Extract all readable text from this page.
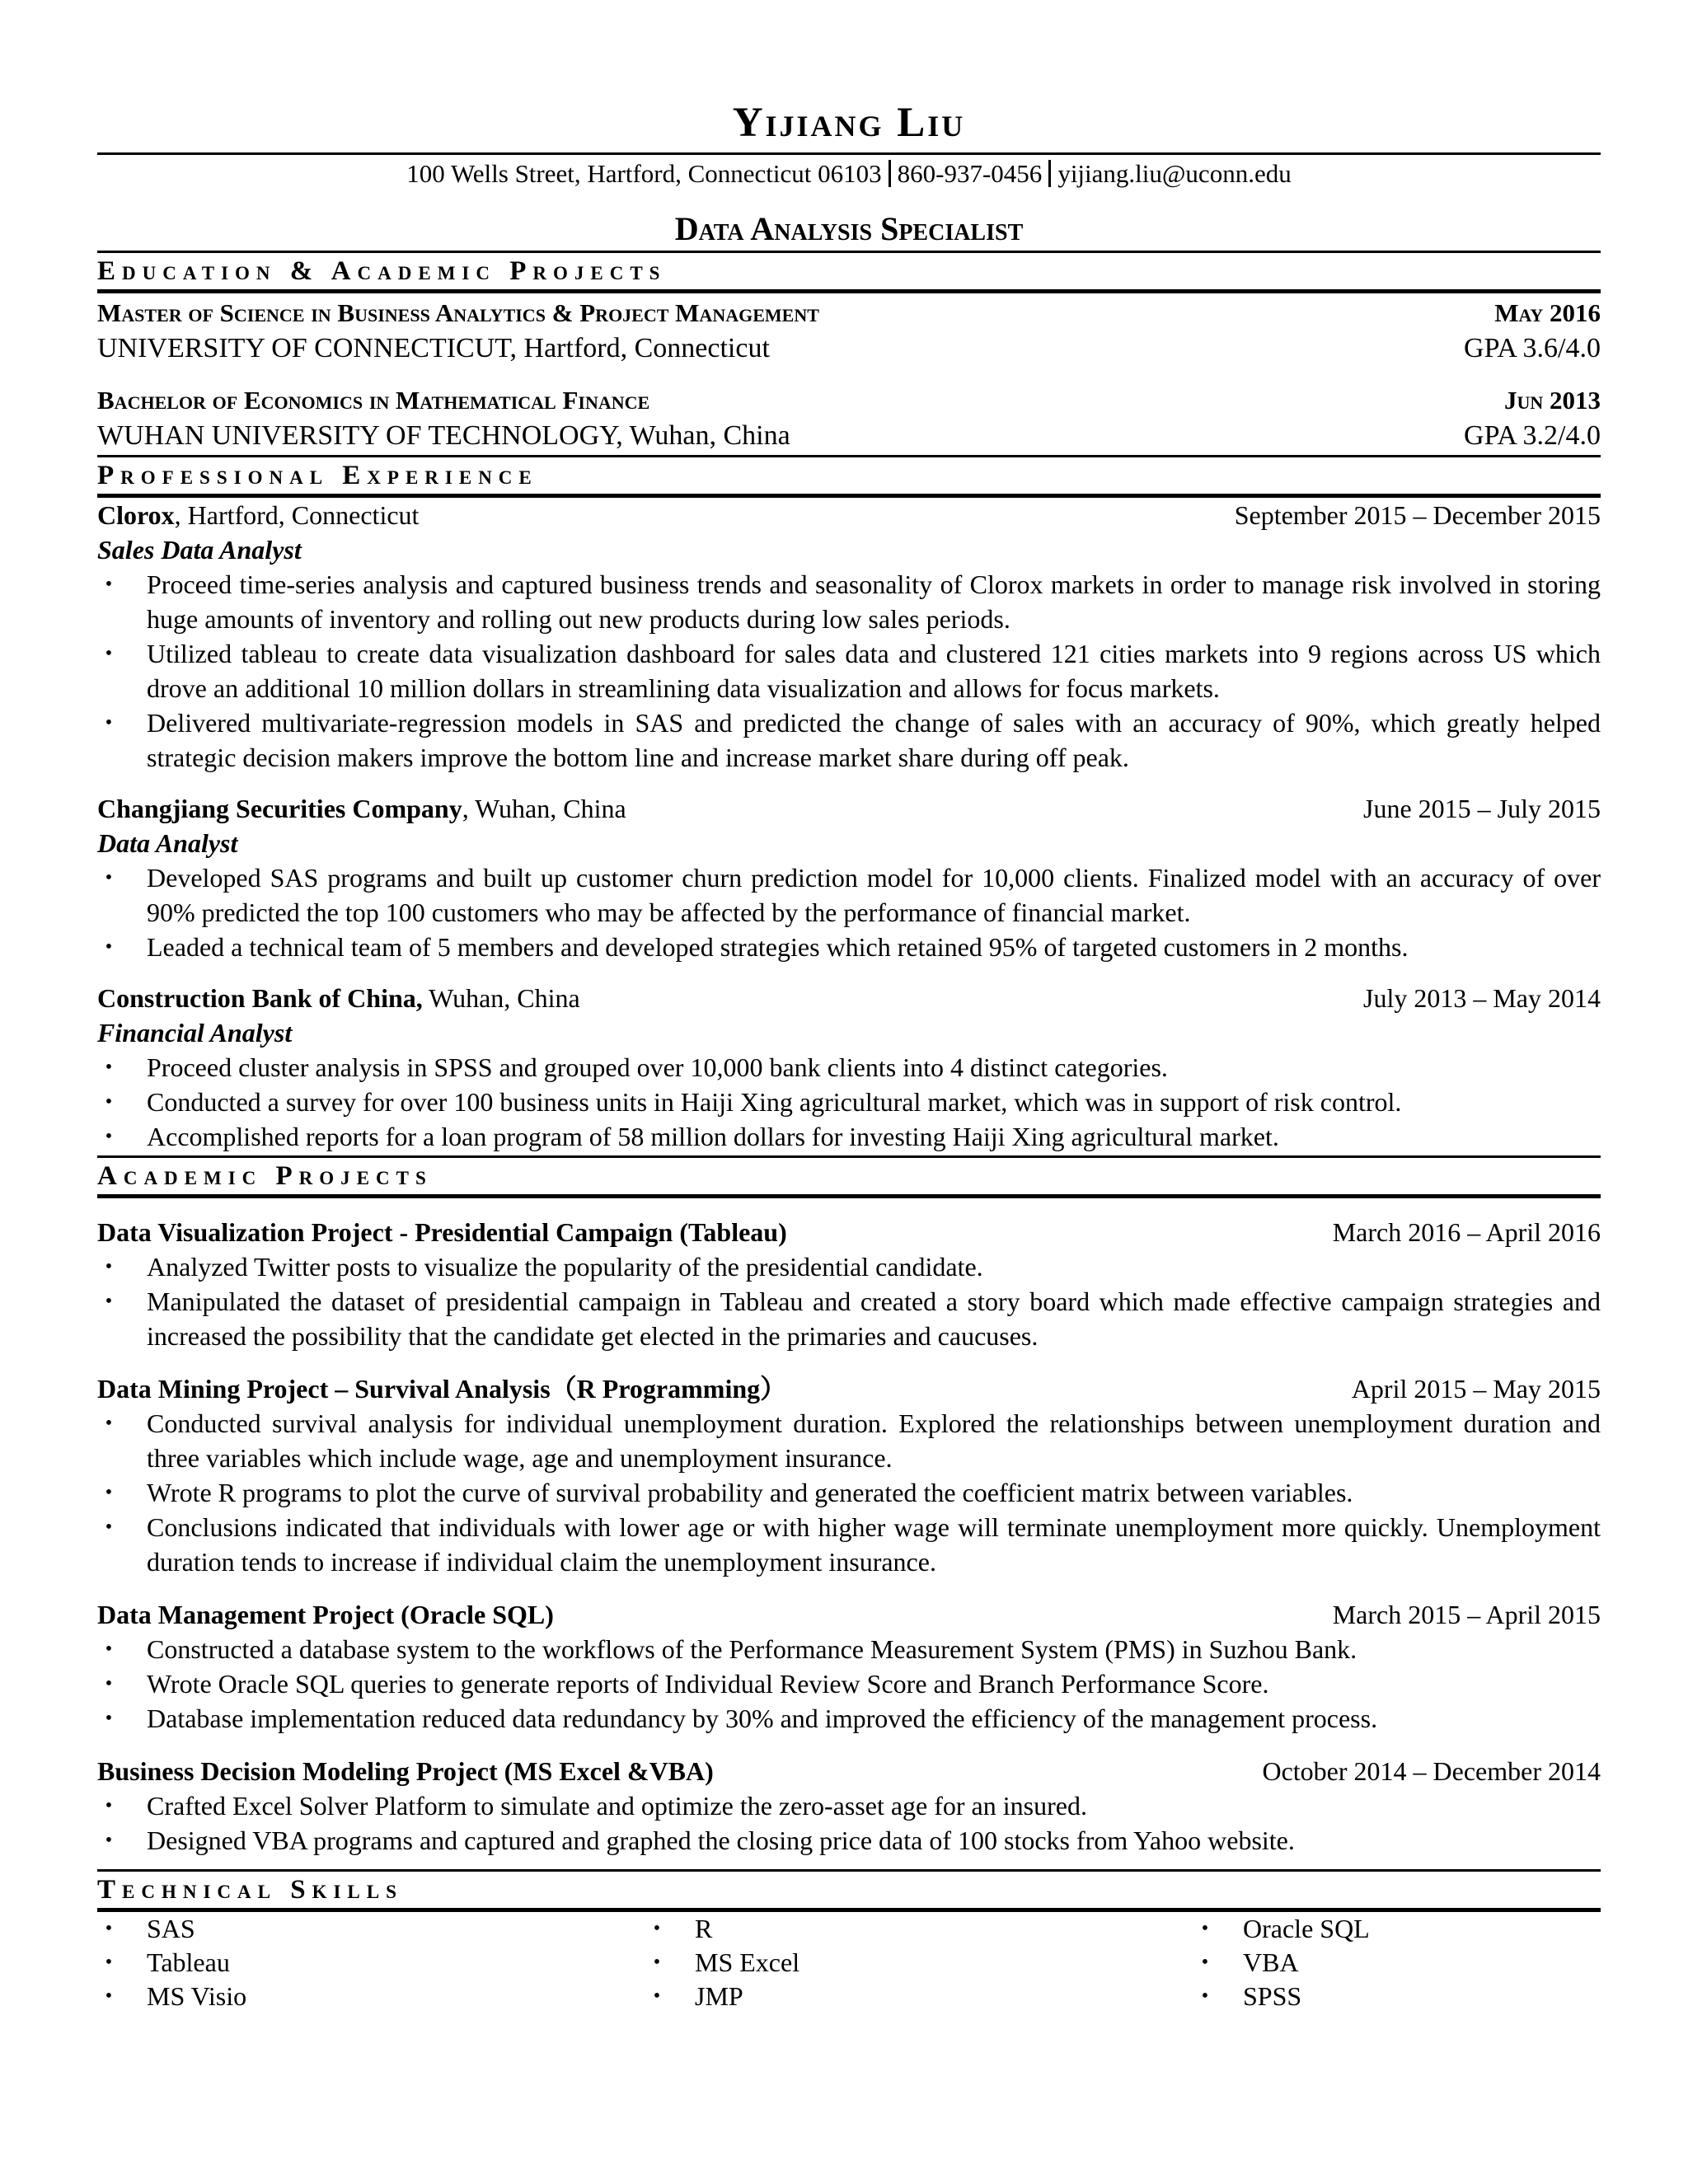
Yijiang Liu
100 Wells Street, Hartford, Connecticut 06103 860-937-0456 yijiang.liu@uconn.edu
Data Analysis Specialist
Education & Academic Projects
Master of Science in Business Analytics & Project Management	May 2016
UNIVERSITY OF CONNECTICUT, Hartford, Connecticut	GPA 3.6/4.0
Bachelor of Economics in Mathematical Finance	Jun 2013
WUHAN UNIVERSITY OF TECHNOLOGY, Wuhan, China	GPA 3.2/4.0
Professional Experience
Clorox, Hartford, Connecticut	September 2015 – December 2015
Sales Data Analyst
• Proceed time-series analysis and captured business trends and seasonality of Clorox markets in order to manage risk involved in storing huge amounts of inventory and rolling out new products during low sales periods.
• Utilized tableau to create data visualization dashboard for sales data and clustered 121 cities markets into 9 regions across US which drove an additional 10 million dollars in streamlining data visualization and allows for focus markets.
• Delivered multivariate-regression models in SAS and predicted the change of sales with an accuracy of 90%, which greatly helped strategic decision makers improve the bottom line and increase market share during off peak.
Changjiang Securities Company, Wuhan, China	June 2015 – July 2015
Data Analyst
• Developed SAS programs and built up customer churn prediction model for 10,000 clients. Finalized model with an accuracy of over 90% predicted the top 100 customers who may be affected by the performance of financial market.
• Leaded a technical team of 5 members and developed strategies which retained 95% of targeted customers in 2 months.
Construction Bank of China, Wuhan, China	July 2013 – May 2014
Financial Analyst
• Proceed cluster analysis in SPSS and grouped over 10,000 bank clients into 4 distinct categories.
• Conducted a survey for over 100 business units in Haiji Xing agricultural market, which was in support of risk control.
• Accomplished reports for a loan program of 58 million dollars for investing Haiji Xing agricultural market.
Academic Projects
Data Visualization Project - Presidential Campaign (Tableau)	March 2016 – April 2016
• Analyzed Twitter posts to visualize the popularity of the presidential candidate.
• Manipulated the dataset of presidential campaign in Tableau and created a story board which made effective campaign strategies and increased the possibility that the candidate get elected in the primaries and caucuses.
Data Mining Project – Survival Analysis（R Programming）	April 2015 – May 2015
• Conducted survival analysis for individual unemployment duration. Explored the relationships between unemployment duration and three variables which include wage, age and unemployment insurance.
• Wrote R programs to plot the curve of survival probability and generated the coefficient matrix between variables.
• Conclusions indicated that individuals with lower age or with higher wage will terminate unemployment more quickly. Unemployment duration tends to increase if individual claim the unemployment insurance.
Data Management Project (Oracle SQL)	March 2015 – April 2015
• Constructed a database system to the workflows of the Performance Measurement System (PMS) in Suzhou Bank.
• Wrote Oracle SQL queries to generate reports of Individual Review Score and Branch Performance Score.
• Database implementation reduced data redundancy by 30% and improved the efficiency of the management process.
Business Decision Modeling Project (MS Excel &VBA)	October 2014 – December 2014
• Crafted Excel Solver Platform to simulate and optimize the zero-asset age for an insured.
• Designed VBA programs and captured and graphed the closing price data of 100 stocks from Yahoo website.
Technical Skills
• SAS
• Tableau
• MS Visio
• R
• MS Excel
• JMP
• Oracle SQL
• VBA
• SPSS
